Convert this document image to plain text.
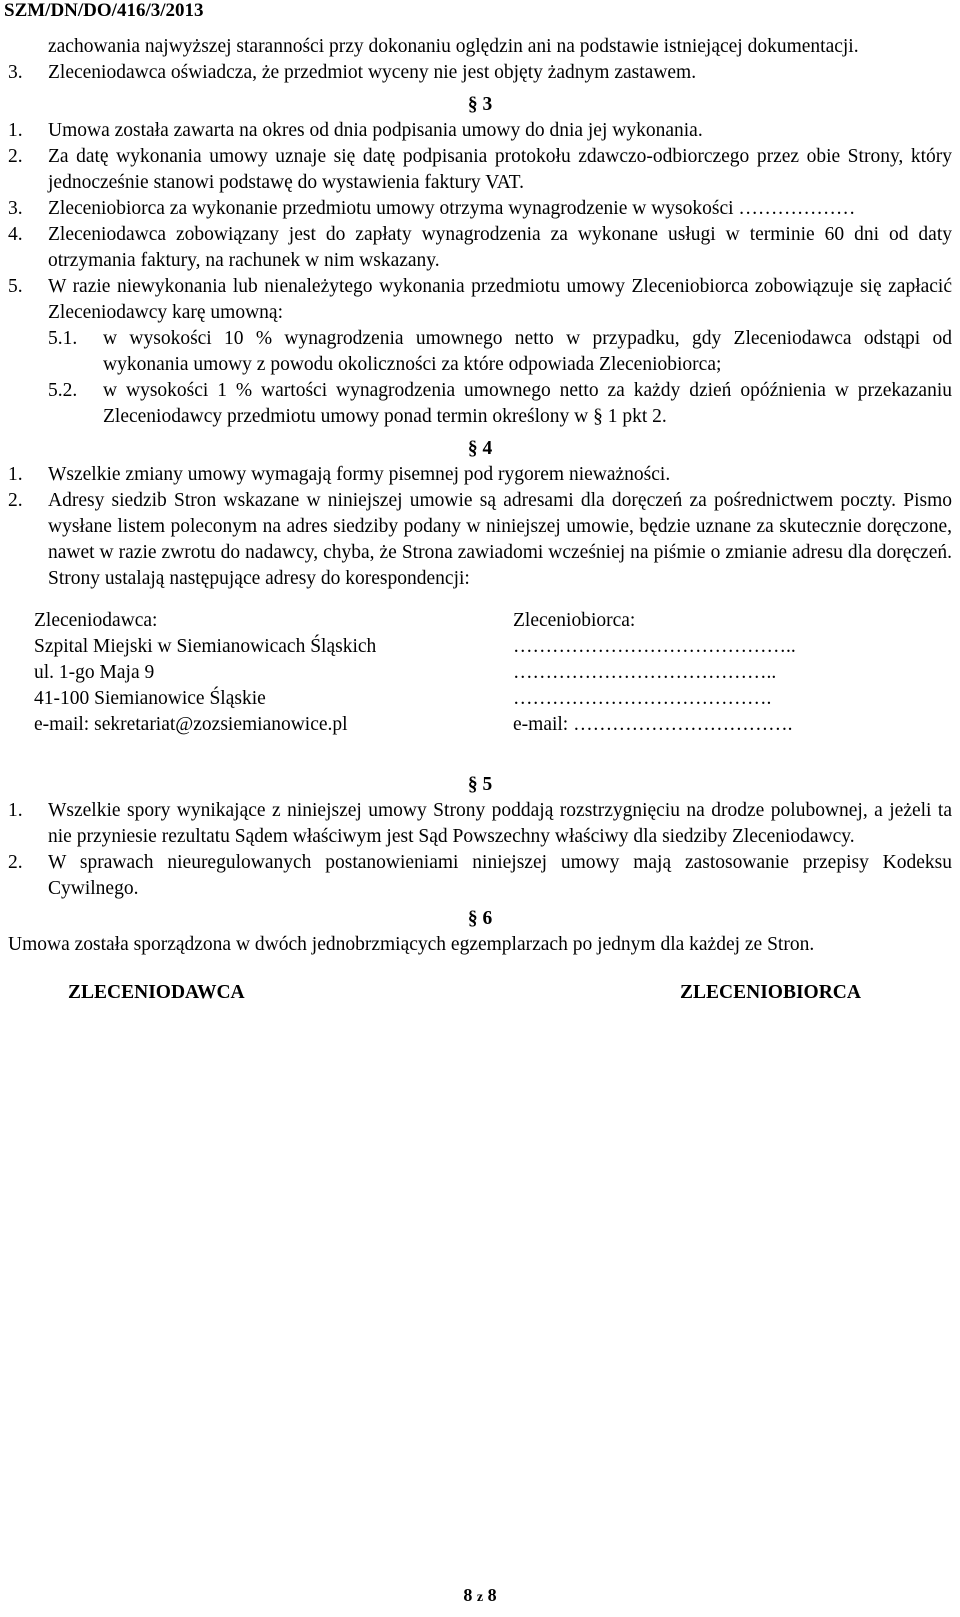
SZM/DN/DO/416/3/2013
zachowania najwyższej staranności przy dokonaniu oględzin ani na podstawie istniejącej dokumentacji.
3. Zleceniodawca oświadcza, że przedmiot wyceny nie jest objęty żadnym zastawem.
§ 3
1. Umowa została zawarta na okres od dnia podpisania umowy do dnia jej wykonania.
2. Za datę wykonania umowy uznaje się datę podpisania protokołu zdawczo-odbiorczego przez obie Strony, który jednocześnie stanowi podstawę do wystawienia faktury VAT.
3. Zleceniobiorca za wykonanie przedmiotu umowy otrzyma wynagrodzenie w wysokości ………………
4. Zleceniodawca zobowiązany jest do zapłaty wynagrodzenia za wykonane usługi w terminie 60 dni od daty otrzymania faktury, na rachunek w nim wskazany.
5. W razie niewykonania lub nienależytego wykonania przedmiotu umowy Zleceniobiorca zobowiązuje się zapłacić Zleceniodawcy karę umowną:
5.1. w wysokości 10 % wynagrodzenia umownego netto w przypadku, gdy Zleceniodawca odstąpi od wykonania umowy z powodu okoliczności za które odpowiada Zleceniobiorca;
5.2. w wysokości 1 % wartości wynagrodzenia umownego netto za każdy dzień opóźnienia w przekazaniu Zleceniodawcy przedmiotu umowy ponad termin określony w § 1 pkt 2.
§ 4
1. Wszelkie zmiany umowy wymagają formy pisemnej pod rygorem nieważności.
2. Adresy siedzib Stron wskazane w niniejszej umowie są adresami dla doręczeń za pośrednictwem poczty. Pismo wysłane listem poleconym na adres siedziby podany w niniejszej umowie, będzie uznane za skutecznie doręczone, nawet w razie zwrotu do nadawcy, chyba, że Strona zawiadomi wcześniej na piśmie o zmianie adresu dla doręczeń. Strony ustalają następujące adresy do korespondencji:
Zleceniodawca:
Szpital Miejski w Siemianowicach Śląskich
ul. 1-go Maja 9
41-100 Siemianowice Śląskie
e-mail: sekretariat@zozsiemianowice.pl
Zleceniobiorca:
……………………………………..
…………………………………..
………………………………….
e-mail: …………………………….
§ 5
1. Wszelkie spory wynikające z niniejszej umowy Strony poddają rozstrzygnięciu na drodze polubownej, a jeżeli ta nie przyniesie rezultatu Sądem właściwym jest Sąd Powszechny właściwy dla siedziby Zleceniodawcy.
2. W sprawach nieuregulowanych postanowieniami niniejszej umowy mają zastosowanie przepisy Kodeksu Cywilnego.
§ 6
Umowa została sporządzona w dwóch jednobrzmiących egzemplarzach po jednym dla każdej ze Stron.
ZLECENIODAWCA	ZLECENIOBIORCA
8 z 8
